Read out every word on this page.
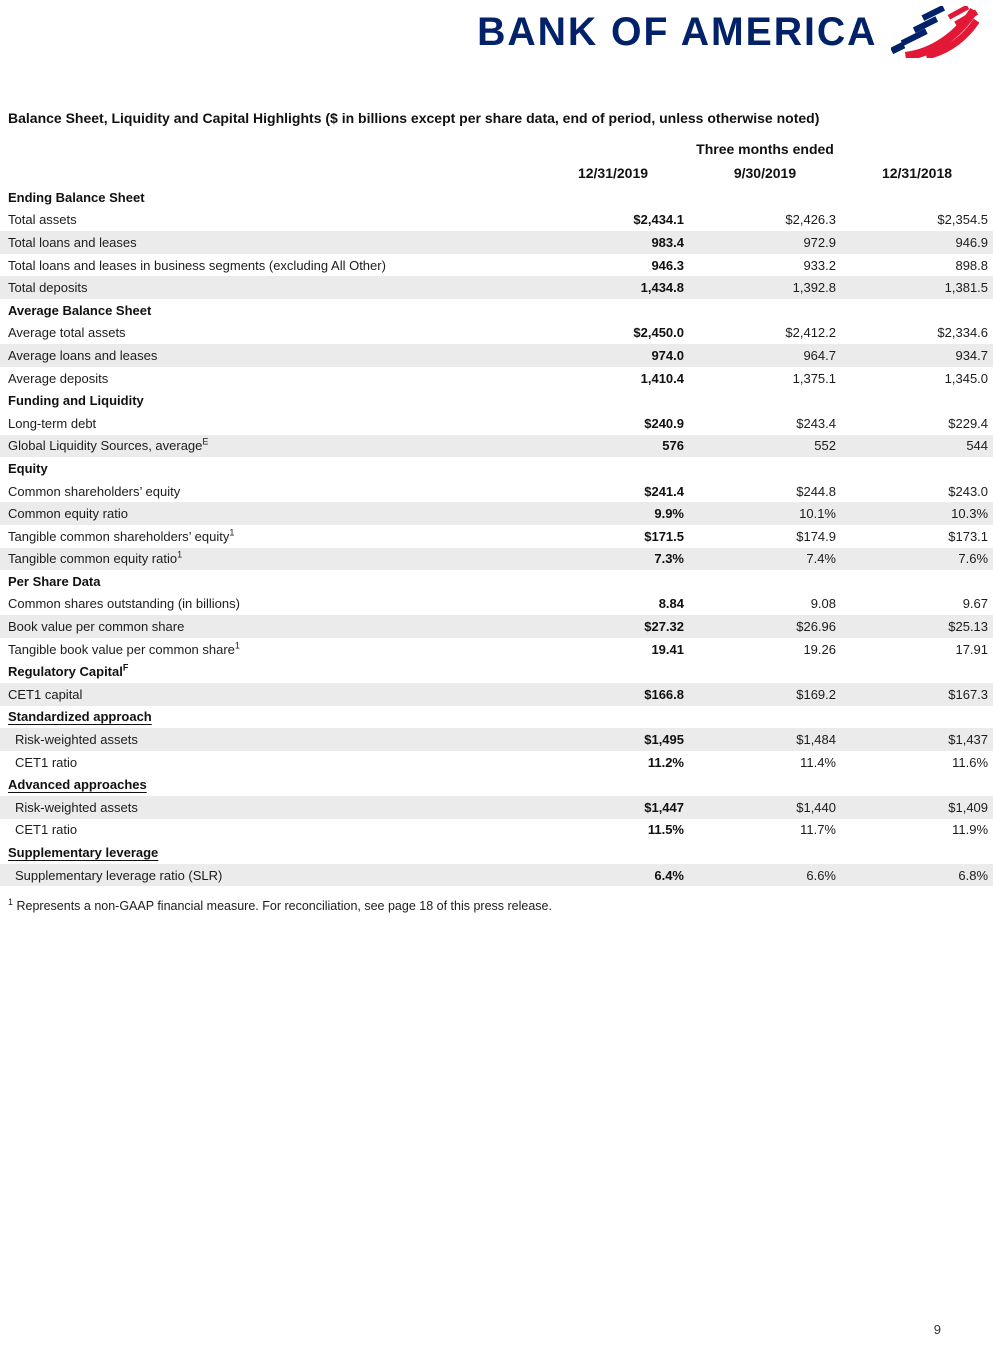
BANK OF AMERICA
Balance Sheet, Liquidity and Capital Highlights ($ in billions except per share data, end of period, unless otherwise noted)
	Three months ended		
	12/31/2019	9/30/2019	12/31/2018
Ending Balance Sheet			
Total assets	$2,434.1	$2,426.3	$2,354.5
Total loans and leases	983.4	972.9	946.9
Total loans and leases in business segments (excluding All Other)	946.3	933.2	898.8
Total deposits	1,434.8	1,392.8	1,381.5
Average Balance Sheet			
Average total assets	$2,450.0	$2,412.2	$2,334.6
Average loans and leases	974.0	964.7	934.7
Average deposits	1,410.4	1,375.1	1,345.0
Funding and Liquidity			
Long-term debt	$240.9	$243.4	$229.4
Global Liquidity Sources, average$^E$	576	552	544
Equity			
Common shareholders’ equity	$241.4	$244.8	$243.0
Common equity ratio	9.9%	10.1%	10.3%
Tangible common shareholders’ equity$^1$	$171.5	$174.9	$173.1
Tangible common equity ratio$^1$	7.3%	7.4%	7.6%
Per Share Data			
Common shares outstanding (in billions)	8.84	9.08	9.67
Book value per common share	$27.32	$26.96	$25.13
Tangible book value per common share$^1$	19.41	19.26	17.91
Regulatory Capital$^F$
CET1 capital	$166.8	$169.2	$167.3
Standardized approach			
Risk-weighted assets	$1,495	$1,484	$1,437
CET1 ratio	11.2%	11.4%	11.6%
Advanced approaches			
Risk-weighted assets	$1,447	$1,440	$1,409
CET1 ratio	11.5%	11.7%	11.9%
Supplementary leverage			
Supplementary leverage ratio (SLR)	6.4%	6.6%	6.8%
$^1$ Represents a non-GAAP financial measure. For reconciliation, see page 18 of this press release.
9
